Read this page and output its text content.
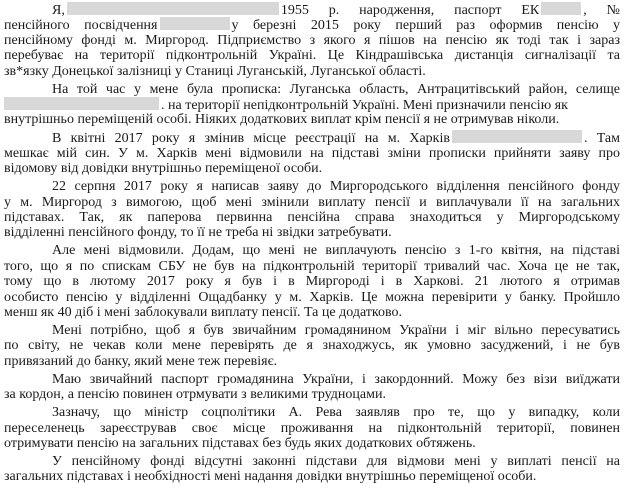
Я,	1955 р. народження, паспорт ЕК	, №
пенсійного посвідчення	у березні 2015 року перший раз оформив пенсію у
пенсійному фонді м. Миргород. Підприємство з якого я пішов на пенсію як тоді так і зараз
перебуває на території підконтрольній Україні. Це Кіндрашівська дистанція сигналізації та
зв*язку Донецької залізниці у Станиці Луганській, Луганської області.
На той час у мене була прописка: Луганська область, Антрацитівський район, селище
. на території непідконтрольній Україні. Мені призначили пенсію як
внутрішньо переміщеній особі. Ніяких додаткових виплат крім пенсії я не отримував ніколи.
В квітні 2017 року я змінив місце реєстрації на м. Харків	. Там
мешкає мій син. У м. Харків мені відмовили на підставі зміни прописки прийняти заяву про
відомову від довідки внутрішньо переміщеної особи.
22 серпня 2017 року я написав заяву до Миргородського відділення пенсійного фонду
у м. Миргород з вимогою, щоб мені змінили виплату пенсії и виплачували її на загальних
підставах. Так, як паперова первинна пенсійна справа знаходиться у Миргородському
відділенні пенсійного фонду, то її не треба ні звідки затребувати.
Але мені відмовили. Додам, що мені не виплачують пенсію з 1-го квітня, на підставі
того, що я по спискам СБУ не був на підконтрольній території тривалий час. Хоча це не так,
тому що в лютому 2017 року я був і в Миргороді і в Харкові. 21 лютого я отримав
особисто пенсію у відділенні Ощадбанку у м. Харків. Це можна перевірити у банку. Пройшло
менш як 40 діб і мені заблокували виплату пенсії. Та це додатково.
Мені потрібно, щоб я був звичайним громадянином України і міг вільно пересуватись
по світу, не чекав коли мене перевірять де я знаходжусь, як умовно засуджений, і не був
привязаний до банку, який мене теж перевіяє.
Маю звичайний паспорт громадянина України, і закордонний. Можу без візи виїджати
за кордон, а пенсію повинен отрмувати з великими трудноцами.
Зазначу, що міністр соцполітики А. Рева заявляв про те, що у випадку, коли
переселенець зареєстрував своє місце проживання на підконтольній території, повинен
отримувати пенсію на загальних підставах без будь яких додаткових обтяжень.
У пенсійному фонді відсутні законні підстави для відмови мені у виплаті пенсії на
загальних підставах і необхідності мені надання довідки внутрішньо переміщеної особи.
